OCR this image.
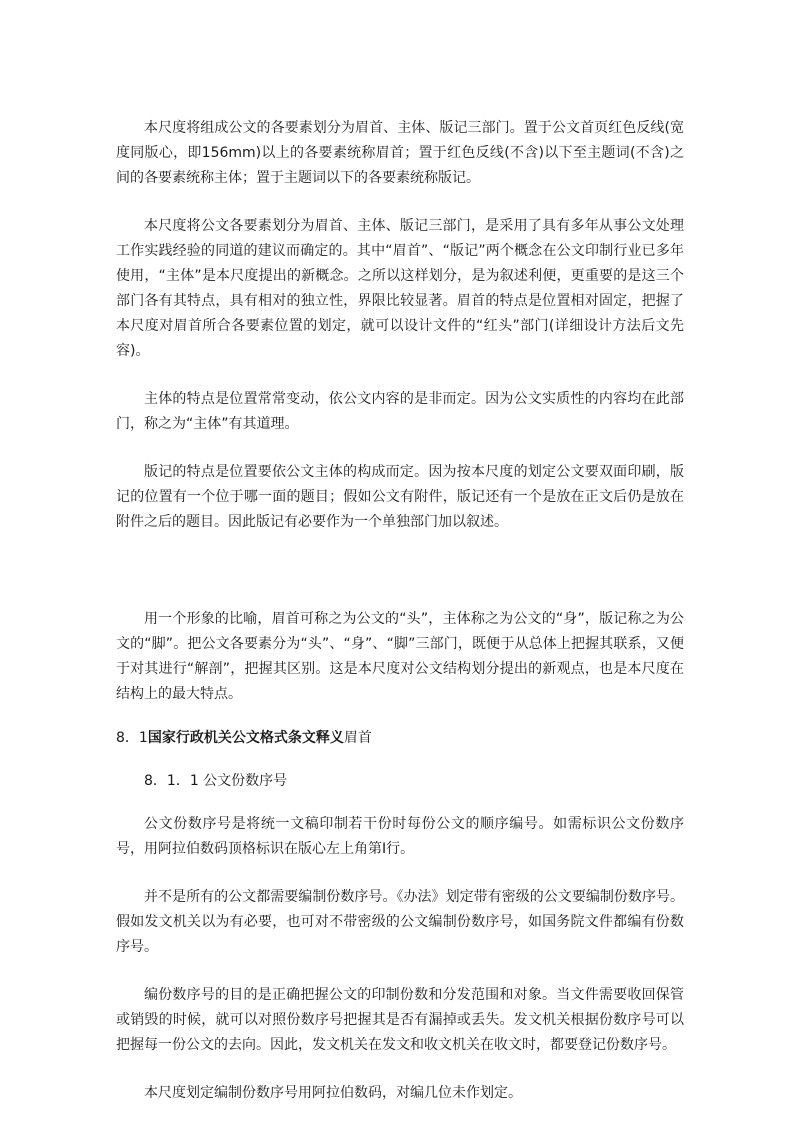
本尺度将组成公文的各要素划分为眉首、主体、版记三部门。置于公文首页红色反线(宽度同版心，即156mm)以上的各要素统称眉首；置于红色反线(不含)以下至主题词(不含)之间的各要素统称主体；置于主题词以下的各要素统称版记。

本尺度将公文各要素划分为眉首、主体、版记三部门，是采用了具有多年从事公文处理工作实践经验的同道的建议而确定的。其中“眉首”、“版记”两个概念在公文印制行业已多年使用，“主体”是本尺度提出的新概念。之所以这样划分，是为叙述利便，更重要的是这三个部门各有其特点，具有相对的独立性，界限比较显著。眉首的特点是位置相对固定，把握了本尺度对眉首所合各要素位置的划定，就可以设计文件的“红头”部门(详细设计方法后文先容)。

主体的特点是位置常常变动，依公文内容的是非而定。因为公文实质性的内容均在此部门，称之为“主体”有其道理。

版记的特点是位置要依公文主体的构成而定。因为按本尺度的划定公文要双面印刷，版记的位置有一个位于哪一面的题目；假如公文有附件，版记还有一个是放在正文后仍是放在附件之后的题目。因此版记有必要作为一个单独部门加以叙述。

用一个形象的比喻，眉首可称之为公文的“头”，主体称之为公文的“身”，版记称之为公文的“脚”。把公文各要素分为“头”、“身”、“脚”三部门，既便于从总体上把握其联系，又便于对其进行“解剖”，把握其区别。这是本尺度对公文结构划分提出的新观点，也是本尺度在结构上的最大特点。

8．1国家行政机关公文格式条文释义眉首

8．1．1 公文份数序号

公文份数序号是将统一文稿印制若干份时每份公文的顺序编号。如需标识公文份数序号，用阿拉伯数码顶格标识在版心左上角第Ⅰ行。

并不是所有的公文都需要编制份数序号。《办法》划定带有密级的公文要编制份数序号。假如发文机关以为有必要，也可对不带密级的公文编制份数序号，如国务院文件都编有份数序号。

编份数序号的目的是正确把握公文的印制份数和分发范围和对象。当文件需要收回保管或销毁的时候，就可以对照份数序号把握其是否有漏掉或丢失。发文机关根据份数序号可以把握每一份公文的去向。因此，发文机关在发文和收文机关在收文时，都要登记份数序号。

本尺度划定编制份数序号用阿拉伯数码，对编几位未作划定。
